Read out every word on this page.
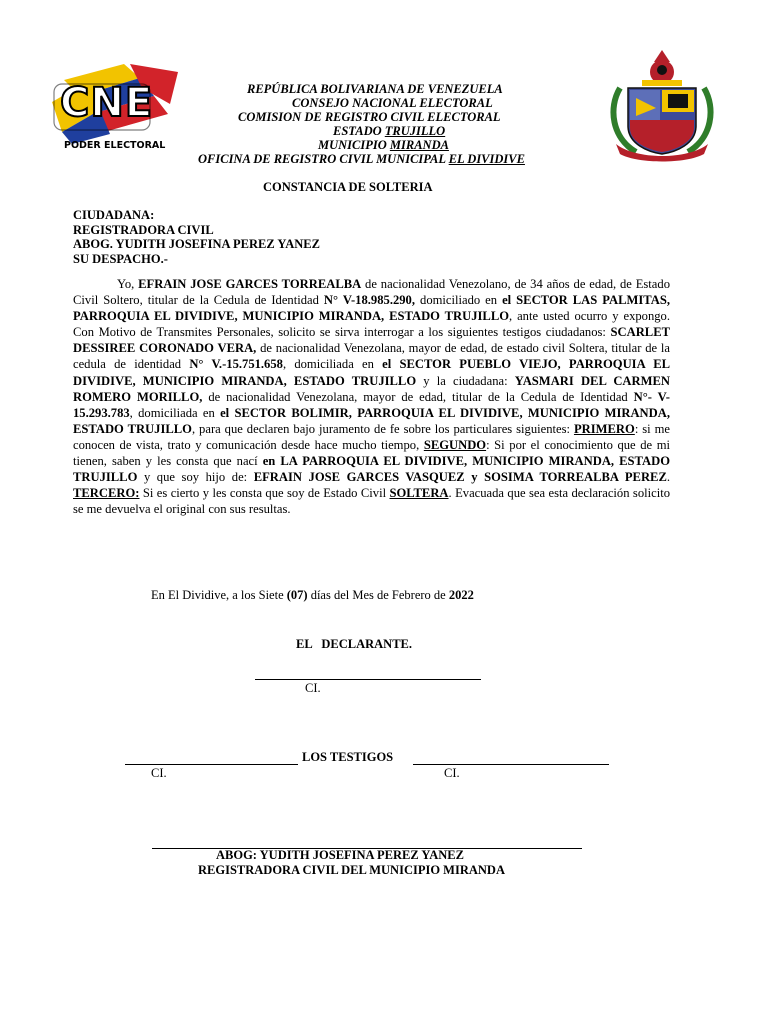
CNE
PODER ELECTORAL
REPÚBLICA BOLIVARIANA DE VENEZUELA
CONSEJO NACIONAL ELECTORAL
COMISION DE REGISTRO CIVIL ELECTORAL
ESTADO TRUJILLO
MUNICIPIO MIRANDA
OFICINA DE REGISTRO CIVIL MUNICIPAL EL DIVIDIVE
CONSTANCIA DE SOLTERIA
CIUDADANA:
REGISTRADORA CIVIL
ABOG. YUDITH JOSEFINA PEREZ YANEZ
SU DESPACHO.-

Yo, EFRAIN JOSE GARCES TORREALBA de nacionalidad Venezolano, de 34 años de edad, de Estado Civil Soltero, titular de la Cedula de Identidad N° V-18.985.290, domiciliado en el SECTOR LAS PALMITAS, PARROQUIA EL DIVIDIVE, MUNICIPIO MIRANDA, ESTADO TRUJILLO, ante usted ocurro y expongo. Con Motivo de Transmites Personales, solicito se sirva interrogar a los siguientes testigos ciudadanos: SCARLET DESSIREE CORONADO VERA, de nacionalidad Venezolana, mayor de edad, de estado civil Soltera, titular de la cedula de identidad N° V.-15.751.658, domiciliada en el SECTOR PUEBLO VIEJO, PARROQUIA EL DIVIDIVE, MUNICIPIO MIRANDA, ESTADO TRUJILLO y la ciudadana: YASMARI DEL CARMEN ROMERO MORILLO, de nacionalidad Venezolana, mayor de edad, titular de la Cedula de Identidad N°- V-15.293.783, domiciliada en el SECTOR BOLIMIR, PARROQUIA EL DIVIDIVE, MUNICIPIO MIRANDA, ESTADO TRUJILLO, para que declaren bajo juramento de fe sobre los particulares siguientes: PRIMERO: si me conocen de vista, trato y comunicación desde hace mucho tiempo, SEGUNDO: Si por el conocimiento que de mi tienen, saben y les consta que nací en LA PARROQUIA EL DIVIDIVE, MUNICIPIO MIRANDA, ESTADO TRUJILLO y que soy hijo de: EFRAIN JOSE GARCES VASQUEZ y SOSIMA TORREALBA PEREZ. TERCERO: Si es cierto y les consta que soy de Estado Civil SOLTERA. Evacuada que sea esta declaración solicito se me devuelva el original con sus resultas.

En El Dividive, a los Siete (07) días del Mes de Febrero de 2022
EL   DECLARANTE.
CI.
LOS TESTIGOS
CI.	CI.
ABOG: YUDITH JOSEFINA PEREZ YANEZ
REGISTRADORA CIVIL DEL MUNICIPIO MIRANDA
